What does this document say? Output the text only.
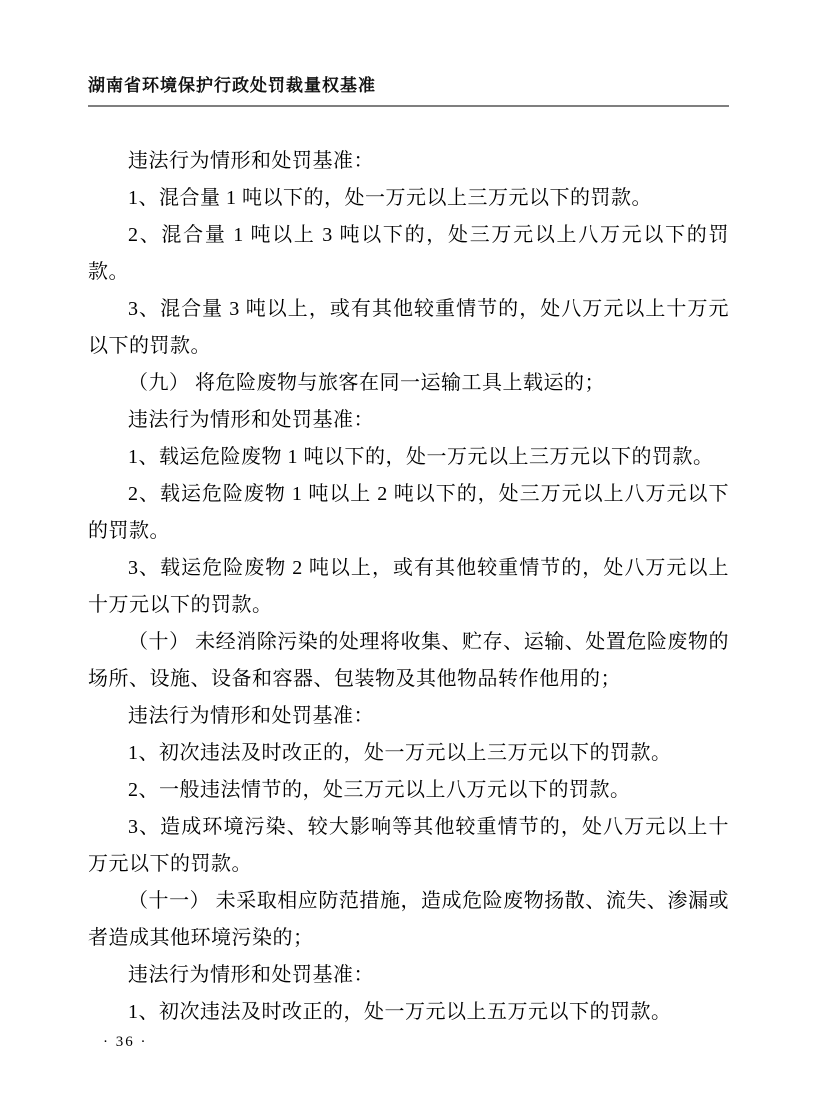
湖南省环境保护行政处罚裁量权基准

违法行为情形和处罚基准：

1、混合量 1 吨以下的，处一万元以上三万元以下的罚款。

2、混合量 1 吨以上 3 吨以下的，处三万元以上八万元以下的罚款。

3、混合量 3 吨以上，或有其他较重情节的，处八万元以上十万元以下的罚款。

（九） 将危险废物与旅客在同一运输工具上载运的；

违法行为情形和处罚基准：

1、载运危险废物 1 吨以下的，处一万元以上三万元以下的罚款。

2、载运危险废物 1 吨以上 2 吨以下的，处三万元以上八万元以下的罚款。

3、载运危险废物 2 吨以上，或有其他较重情节的，处八万元以上十万元以下的罚款。

（十） 未经消除污染的处理将收集、贮存、运输、处置危险废物的场所、设施、设备和容器、包装物及其他物品转作他用的；

违法行为情形和处罚基准：

1、初次违法及时改正的，处一万元以上三万元以下的罚款。

2、一般违法情节的，处三万元以上八万元以下的罚款。

3、造成环境污染、较大影响等其他较重情节的，处八万元以上十万元以下的罚款。

（十一） 未采取相应防范措施，造成危险废物扬散、流失、渗漏或者造成其他环境污染的；

违法行为情形和处罚基准：

1、初次违法及时改正的，处一万元以上五万元以下的罚款。

· 36 ·
